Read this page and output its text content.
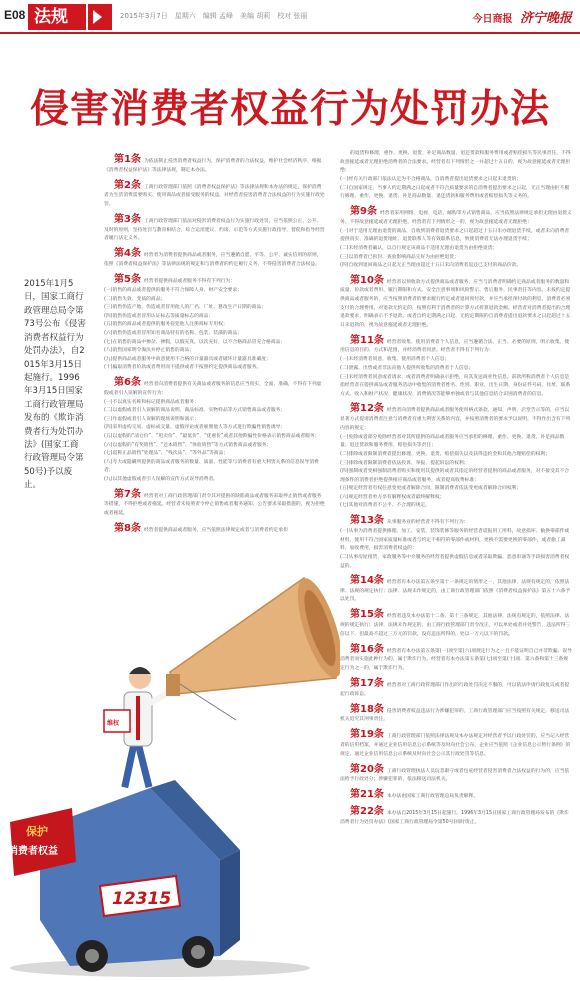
E08 法规	2015年3月7日 星期六 编辑 孟峰 美编 胡莉 校对 张丽	今日商报 济宁晚报
侵害消费者权益行为处罚办法
2015年1月5日，国家工商行政管理总局令第73号公布《侵害消费者权益行为处罚办法》，自2015年3月15日起施行。1996年3月15日国家工商行政管理局发布的《欺诈消费者行为处罚办法》(国家工商行政管理局令第50号)予以废止。
第1条 为依法制止侵害消费者权益行为，保护消费者的合法权益，维护社会经济秩序，根据《消费者权益保护法》等法律法规，制定本办法。
第2条 工商行政管理部门依照《消费者权益保护法》等法律法规和本办法的规定，保护消费者为生活消费需要购买、使用商品或者接受服务的权益，对经营者侵害消费者合法权益的行为实施行政处罚。
第3条 工商行政管理部门依法对侵害消费者权益行为实施行政处罚，应当依照公正、公开、及时的原则，坚持处罚与教育相结合，综合运用建议、约谈、示范等方式实施行政指导，督促和指导经营者履行法定义务。
第4条 经营者为消费者提供商品或者服务，应当遵循自愿、平等、公平、诚实信用的原则，依照《消费者权益保护法》等法律法规的规定和与消费者的约定履行义务，不得侵害消费者合法权益。
第5条 经营者提供商品或者服务不得有下列行为：
(一)销售的商品或者提供的服务不符合保障人身、财产安全要求；
(二)销售失效、变质的商品；
(三)销售伪造产地、伪造或者冒用他人的厂名、厂址、篡改生产日期的商品；
(四)销售伪造或者冒用认证标志等质量标志的商品；
(五)销售的商品或者提供的服务侵犯他人注册商标专用权；
(六)销售伪造或者冒用知名商品特有的名称、包装、装潢的商品；
(七)在销售的商品中掺杂、掺假，以假充真，以次充好，以不合格商品冒充合格商品；
(八)销售国家明令淘汰并停止销售的商品；
(九)提供商品或者服务中故意使用不合格的计量器具或者破坏计量器具准确度；
(十)骗取消费者价款或者费用而不提供或者不按照约定提供商品或者服务。
第6条 经营者向消费者提供有关商品或者服务的信息应当真实、全面、准确，不得有下列虚假或者引人误解的宣传行为：
(一)不以真实名称和标记提供商品或者服务；
(二)以虚假或者引人误解的商品说明、商品标准、实物样品等方式销售商品或者服务；
(三)作虚假或者引人误解的现场说明和演示；
(四)采用虚构交易、虚标成交量、虚假评论或者雇佣他人等方式进行欺骗性销售诱导；
(五)以虚假的“清仓价”、“甩卖价”、“最低价”、“优惠价”或者其他欺骗性价格表示销售商品或者服务；
(六)以虚假的“有奖销售”、“还本销售”、“体验销售”等方式销售商品或者服务；
(七)谎称正品销售“处理品”、“残次品”、“等外品”等商品；
(八)夸大或隐瞒所提供的商品或者服务的数量、质量、性能等与消费者有重大利害关系的信息误导消费者；
(九)以其他虚假或者引人误解的宣传方式误导消费者。
第7条 经营者对工商行政管理部门责令其对提供的缺陷商品或者服务采取停止销售或者服务等措施，不得拒绝或者拖延。经营者未按照责令停止销售或者服务通知、公告要求采取措施的，视为拒绝或者拖延。
第8条 经营者提供商品或者服务，应当依照法律规定或者与消费者约定承担
的退货和修理、重作、更换、退货、补足商品数量、退还货款和服务费用或者赔偿损失等民事责任，不得故意拖延或者无理拒绝消费者的合法要求。经营者有下列情形之一并超过十五日的，视为故意拖延或者无理拒绝：
(一)经有关行政部门依法认定为不合格商品，自消费者提出退货要求之日起未退货的；
(二)自国家规定、当事人约定期满之日起或者不符合质量要求的自消费者提出要求之日起，无正当理由拒不履行修理、重作、更换、退货、补足商品数量、退还货款和服务费用或者赔偿损失等义务的。
第9条 经营者采用网络、电视、电话、邮购等方式销售商品，应当依照法律规定承担无理由退货义务，不得故意拖延或者无理拒绝。经营者有下列情形之一的，视为故意拖延或者无理拒绝：
(一)对于适用无理由退货的商品，自收到消费者退货要求之日起超过十五日未办理退货手续，或者未向消费者提供真实、准确的退货地址、退货联系人等有效联系信息，致使消费者无法办理退货手续；
(二)未经消费者确认，以自行规定该商品不适用无理由退货为由拒绝退货；
(三)以消费者已拆封、查验影响商品完好为由拒绝退货；
(四)自收到退回商品之日起无正当理由超过十五日未向消费者返还已支付的商品价款。
第10条 经营者以预收款方式提供商品或者服务，应当与消费者明确约定商品或者服务的数量和质量、价款或者费用、履行期限和方式、安全注意事项和风险警示、售后服务、民事责任等内容。未按约定提供商品或者服务的，应当按照消费者的要求履行约定或者退回预付款，并应当承担预付款的利息、消费者必须支付的合理费用。对退款无约定的，按照有利于消费者的计算方式折算退款金额。经营者对消费者提出的合理退款要求，明确表示不予退款，或者自约定期满之日起、无约定期限的自消费者提出退款要求之日起超过十五日未退款的，视为故意拖延或者无理拒绝。
第11条 经营者收集、使用消费者个人信息，应当遵循合法、正当、必要的原则，明示收集、使用信息的目的、方式和范围，并经消费者同意。经营者不得有下列行为：
(一)未经消费者同意，收集、使用消费者个人信息；
(二)泄露、出售或者非法向他人提供所收集的消费者个人信息；
(三)未经消费者同意或者请求，或者消费者明确表示拒绝，向其发送商业性信息。前款所称消费者个人信息是指经营者在提供商品或者服务活动中收集的消费者姓名、性别、职业、出生日期、身份证件号码、住址、联系方式、收入和财产状况、健康状况、消费情况等能够单独或者与其他信息结合识别消费者的信息。
第12条 经营者向消费者提供商品或者服务使用格式条款、通知、声明、店堂告示等的，应当以显著方式提请消费者注意与消费者有重大利害关系的内容，并按照消费者的要求予以说明，不得作出含有下列内容的规定：
(一)免除或者部分免除经营者对其所提供的商品或者服务应当承担的修理、重作、更换、退货、补足商品数量、退还货款和服务费用、赔偿损失等责任；
(二)排除或者限制消费者提出修理、更换、退货、赔偿损失以及获得违约金和其他合理赔偿的权利；
(三)排除或者限制消费者依法投诉、举报、提起诉讼的权利；
(四)强制或者变相强制消费者购买和使用其提供的或者其指定的经营者提供的商品或者服务，对不接受其不合理条件的消费者拒绝提供相应商品或者服务，或者提高收费标准；
(五)规定经营者有权任意变更或者解除合同，限制消费者依法变更或者解除合同权利；
(六)规定经营者单方享有解释权或者最终解释权；
(七)其他对消费者不公平、不合理的规定。
第13条 从事服务业的经营者不得有下列行为：
(一)从事为消费者提供修理、加工、安装、装饰装修等服务的经营者谎报用工用料，故意损坏、偷换零部件或材料，使用不符合国家质量标准或者与约定不相符的零部件或材料，更换不需要更换的零部件，或者偷工减料、加收费用，损害消费者权益的；
(二)从事房屋租赁、家政服务等中介服务的经营者提供虚假信息或者采取欺骗、恶意串通等手段损害消费者权益的。
第14条 经营者有本办法第五条至第十一条规定的情形之一，其他法律、法规有规定的，依照法律、法规的规定执行；法律、法规未作规定的，由工商行政管理部门依照《消费者权益保护法》第五十六条予以处罚。
第15条 经营者违反本办法第十二条、第十三条规定，其他法律、法规有规定的，依照法律、法规的规定执行；法律、法规未作规定的，由工商行政管理部门责令改正，可以单处或者并处警告，违法所得三倍以下、但最高不超过三万元的罚款，没有违法所得的，处以一万元以下的罚款。
第16条 经营者有本办法第五条第(一)项至第(六)项规定行为之一且不能证明自己并非欺骗、误导消费者而实施此种行为的，属于欺诈行为。经营者有本办法第五条第(七)项至第(十)项、第六条和第十三条规定行为之一的，属于欺诈行为。
第17条 经营者对工商行政管理部门作出的行政处罚决定不服的，可以依法申请行政复议或者提起行政诉讼。
第18条 侵害消费者权益违法行为涉嫌犯罪的，工商行政管理部门应当按照有关规定，移送司法机关追究其刑事责任。
第19条 工商行政管理部门依照法律法规及本办法规定对经营者予以行政处罚的，应当记入经营者的信用档案，并通过企业信用信息公示系统等及时向社会公布。企业应当依照《企业信息公示暂行条例》的规定，通过企业信用信息公示系统及时向社会公示其行政处罚等信息。
第20条 工商行政管理执法人员玩忽职守或者包庇经营者侵害消费者合法权益的行为的，应当依法给予行政处分；涉嫌犯罪的，依法移送司法机关。
第21条 本办法由国家工商行政管理总局负责解释。
第22条 本办法自2015年3月15日起施行。1996年3月15日国家工商行政管理局发布的《欺诈消费者行为处罚办法》(国家工商行政管理局令第50号)同时废止。
保护
消费者权益
12315
维权
